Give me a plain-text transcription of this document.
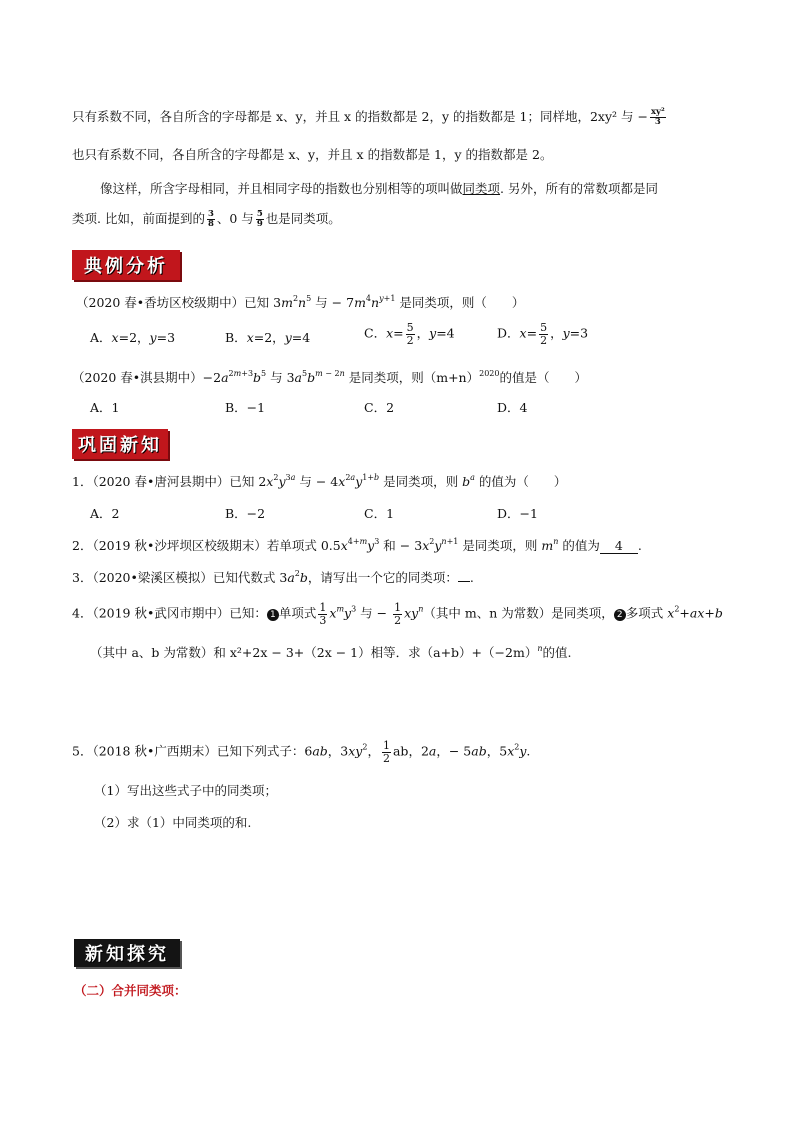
只有系数不同，各自所含的字母都是 x、y，并且 x 的指数都是 2，y 的指数都是 1；同样地，2xy² 与 − $\frac{\text{xy²}}{3}$
也只有系数不同，各自所含的字母都是 x、y，并且 x 的指数都是 1，y 的指数都是 2。
像这样，所含字母相同，并且相同字母的指数也分别相等的项叫做同类项. 另外，所有的常数项都是同
类项. 比如，前面提到的 $\frac{3}{8}$ 、0 与 $\frac{5}{9}$ 也是同类项。
典例分析
（2020 春•香坊区校级期中）已知 $3m^2n^5$ 与 − $7m^4n^{y+1}$ 是同类项，则（　　）
A．x=2，y=3	B．x=2，y=4	C．$x= \frac{5}{2}$ ，y=4	D．$x= \frac{5}{2}$ ，y=3
（2020 春•淇县期中）$-2a^{2m+3}b^5$ 与 $3a^5b^{m - 2n}$ 是同类项，则$(m+n)^{2020}$的值是（　　）
A．1	B．−1	C．2	D．4
巩固新知
1．（2020 春•唐河县期中）已知 $2x^2y^{3a}$ 与 − $4x^{2a}y^{1+b}$ 是同类项，则 $b^a$ 的值为（　　）
A．2	B．−2	C．1	D．−1
2．（2019 秋•沙坪坝区校级期末）若单项式 $0.5x^{4+m}y^3$ 和 − $3x^2y^{n+1}$ 是同类项，则 $m^n$ 的值为 4 .
3．（2020•梁溪区模拟）已知代数式 $3a^2b$，请写出一个它的同类项： .
4．（2019 秋•武冈市期中）已知： 1 单项式 $\frac{1}{3} x^my^3$ 与 − $\frac{1}{2} xy^n$（其中 m、n 为常数）是同类项， 2 多项式 $x^2+ax+b$
（其中 a、b 为常数）和 x²+2x − 3+（2x − 1）相等．求$(a+b)+(-2m)^n$的值.
5．（2018 秋•广西期末）已知下列式子：6ab，$3xy^2$， $\frac{1}{2}$ ab，2a，− 5ab，$5x^2y$.
（1）写出这些式子中的同类项；
（2）求（1）中同类项的和.
新知探究
（二）合并同类项：
